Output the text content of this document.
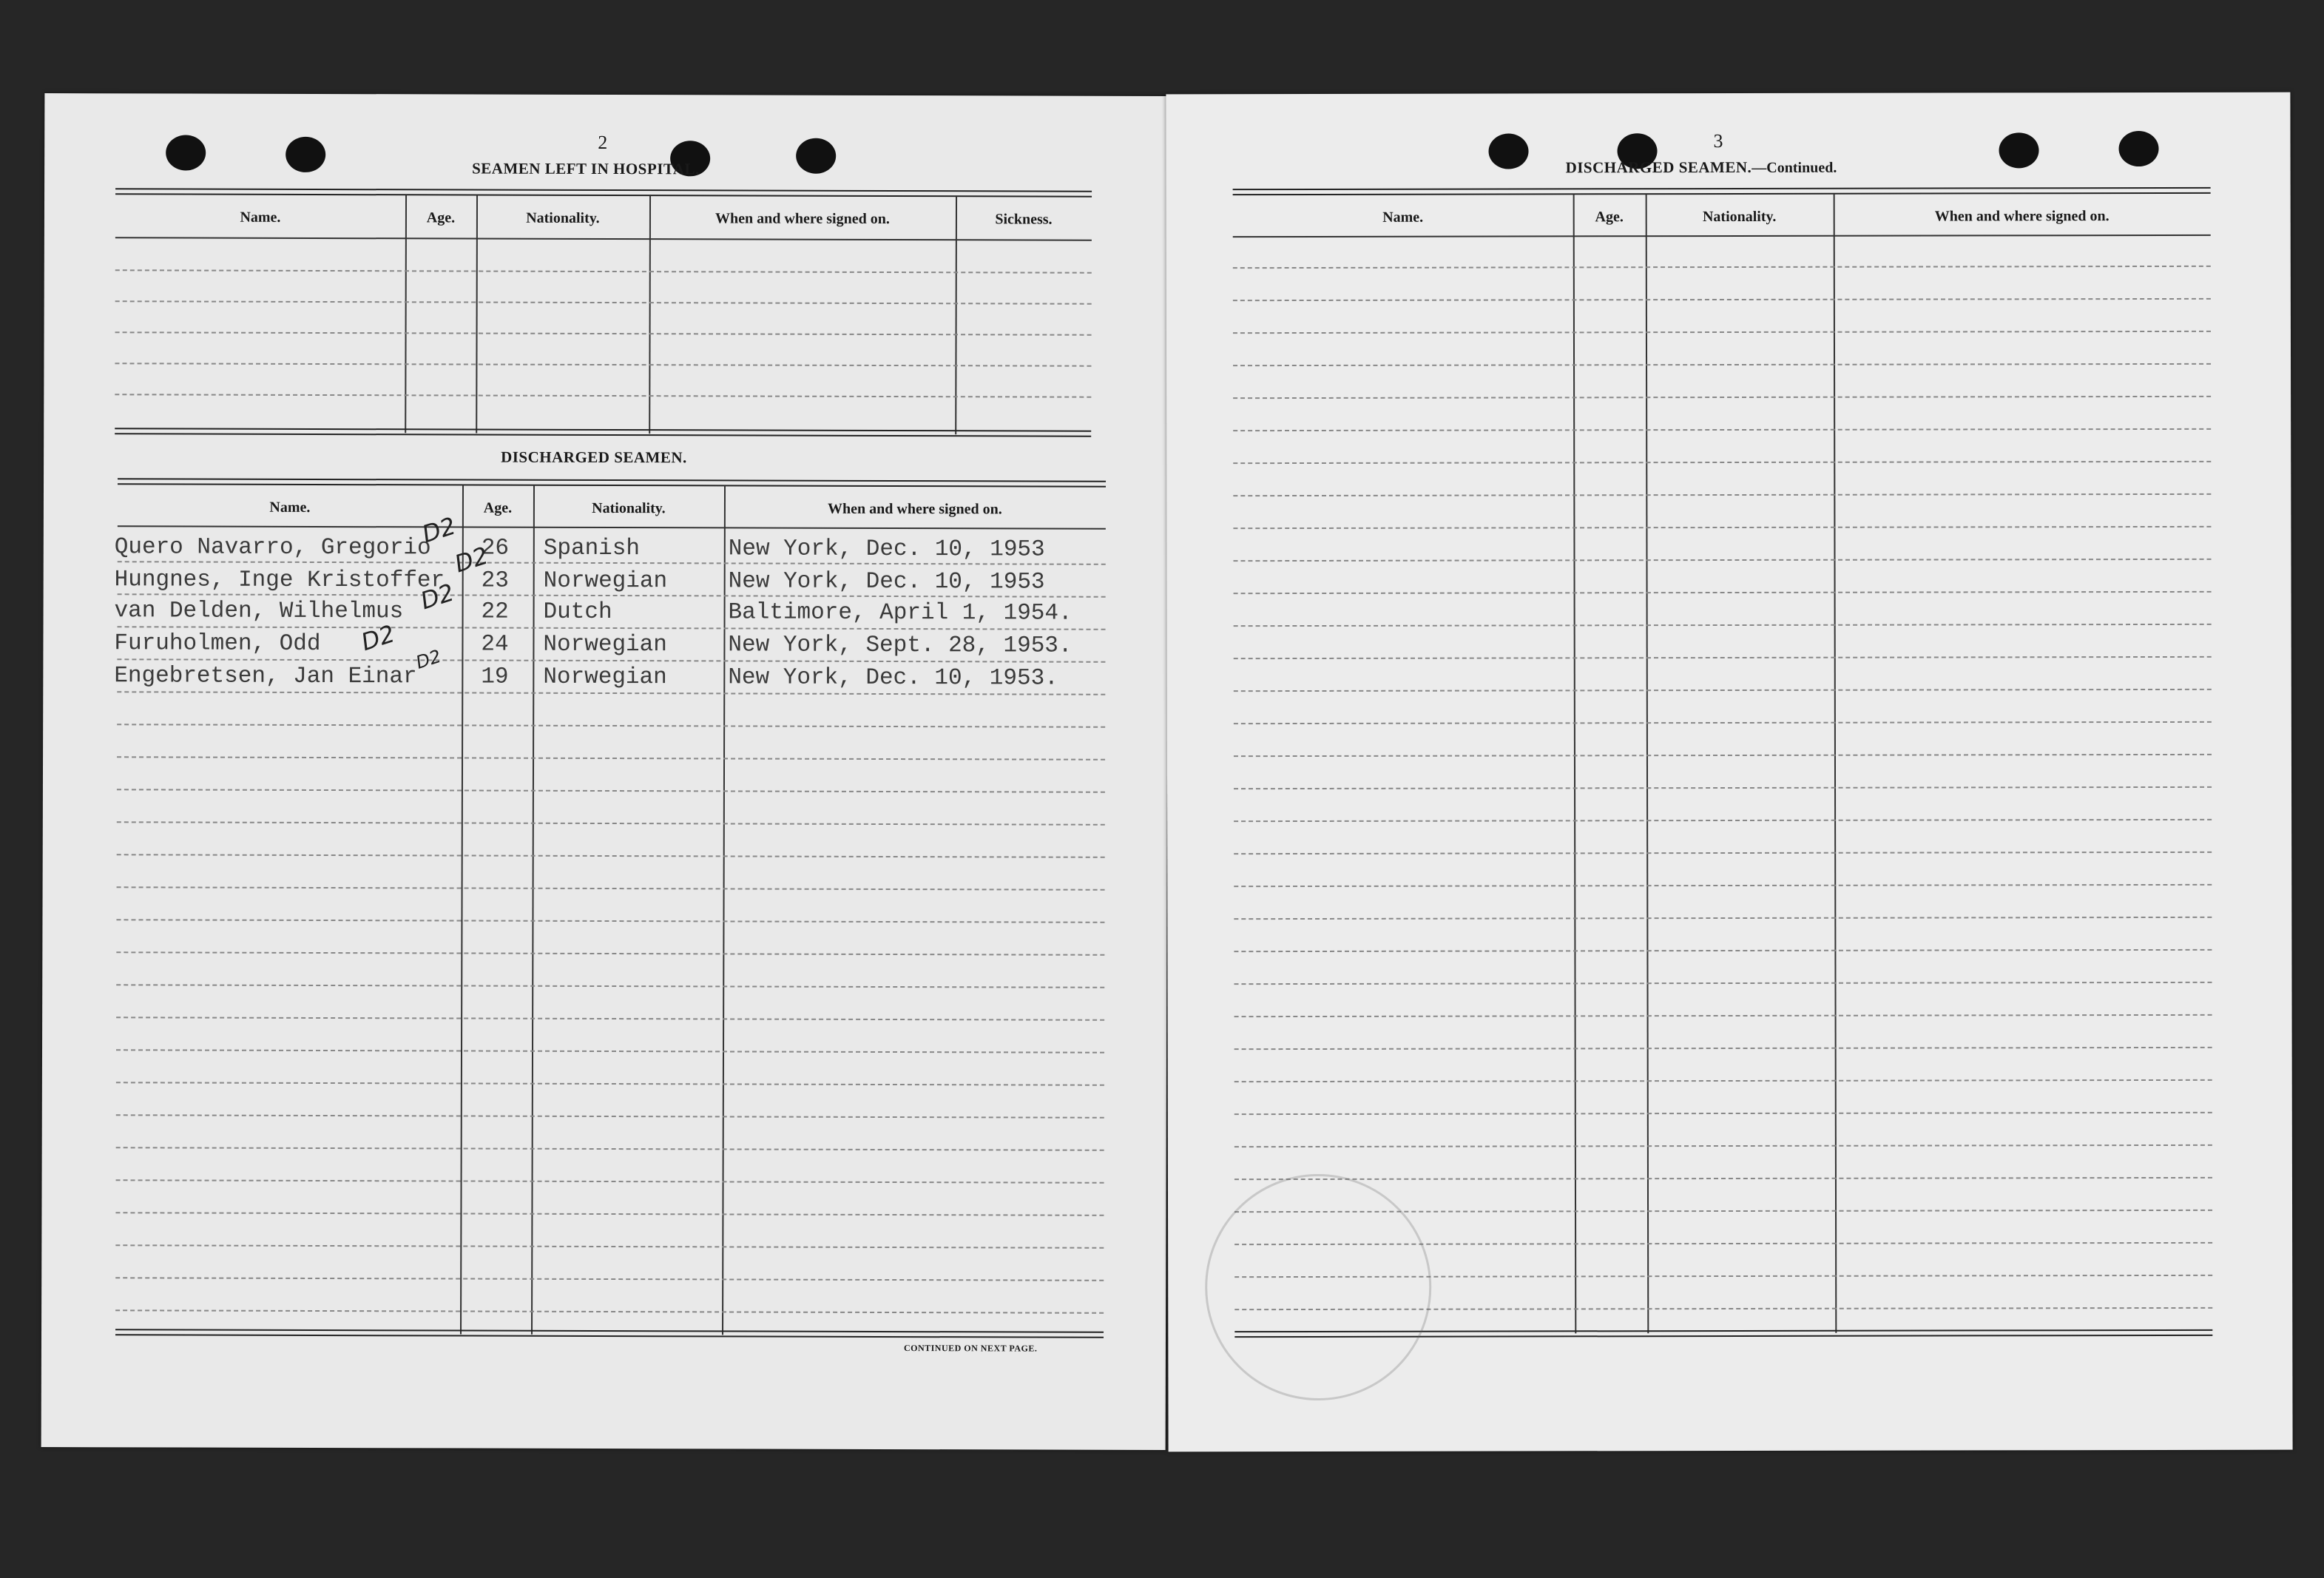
2
SEAMEN LEFT IN HOSPITAL.
Name.	Age.	Nationality.	When and where signed on.	Sickness.
DISCHARGED SEAMEN.
Name.	Age.	Nationality.	When and where signed on.
Quero Navarro, Gregorio 26 Spanish	New York, Dec. 10, 1953
D2
Hungnes, Inge Kristoffer 23 Norwegian	New York, Dec. 10, 1953
D2
van Delden, Wilhelmus	22 Dutch	Baltimore, April 1, 1954.
D2
Furuholmen, Odd	24 Norwegian	New York, Sept. 28, 1953.
D2
Engebretsen, Jan Einar	19 Norwegian	New York, Dec. 10, 1953.
D2
CONTINUED ON NEXT PAGE.
3
DISCHARGED SEAMEN.—Continued.
Name.	Age.	Nationality.	When and where signed on.
